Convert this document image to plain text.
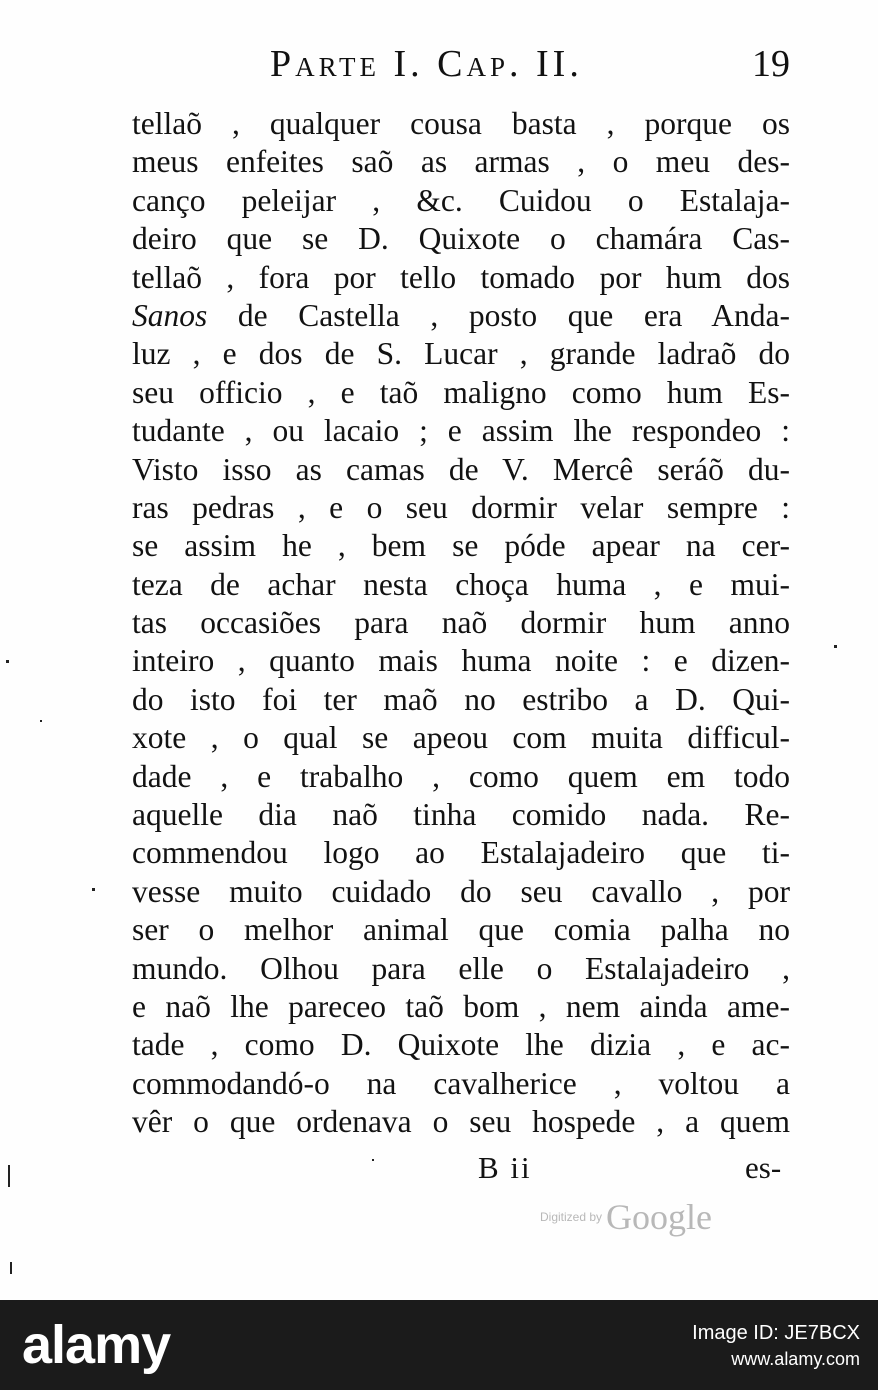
Parte I. Cap. II.	19
tellaõ , qualquer cousa basta , porque os
meus enfeites saõ as armas , o meu des-
canço peleijar , &c. Cuidou o Estalaja-
deiro que se D. Quixote o chamára Cas-
tellaõ , fora por tello tomado por hum dos
Sanos de Castella , posto que era Anda-
luz , e dos de S. Lucar , grande ladraõ do
seu officio , e taõ maligno como hum Es-
tudante , ou lacaio ; e assim lhe respondeo :
Visto isso as camas de V. Mercê seráõ du-
ras pedras , e o seu dormir velar sempre :
se assim he , bem se póde apear na cer-
teza de achar nesta choça huma , e mui-
tas occasiões para naõ dormir hum anno
inteiro , quanto mais huma noite : e dizen-
do isto foi ter maõ no estribo a D. Qui-
xote , o qual se apeou com muita difficul-
dade , e trabalho , como quem em todo
aquelle dia naõ tinha comido nada. Re-
commendou logo ao Estalajadeiro que ti-
vesse muito cuidado do seu cavallo , por
ser o melhor animal que comia palha no
mundo. Olhou para elle o Estalajadeiro ,
e naõ lhe pareceo taõ bom , nem ainda ame-
tade , como D. Quixote lhe dizia , e ac-
commodandó-o na cavalherice , voltou a
vêr o que ordenava o seu hospede , a quem
B ii	es-
Digitized by Google
alamy	Image ID: JE7BCX
www.alamy.com
